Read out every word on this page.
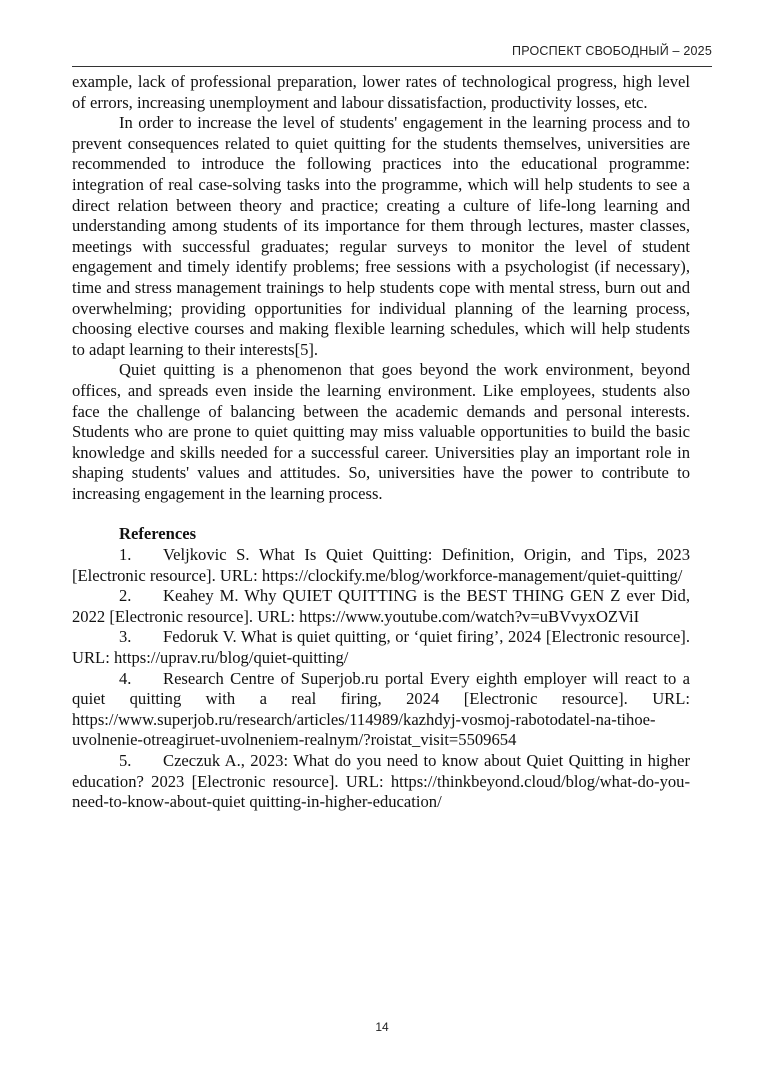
ПРОСПЕКТ СВОБОДНЫЙ – 2025

example, lack of professional preparation, lower rates of technological progress, high level of errors, increasing unemployment and labour dissatisfaction, productivity losses, etc.

In order to increase the level of students' engagement in the learning process and to prevent consequences related to quiet quitting for the students themselves, universities are recommended to introduce the following practices into the educational programme: integration of real case-solving tasks into the programme, which will help students to see a direct relation between theory and practice; creating a culture of life-long learning and understanding among students of its importance for them through lectures, master classes, meetings with successful graduates; regular surveys to monitor the level of student engagement and timely identify problems; free sessions with a psychologist (if necessary), time and stress management trainings to help students cope with mental stress, burn out and overwhelming; providing opportunities for individual planning of the learning process, choosing elective courses and making flexible learning schedules, which will help students to adapt learning to their interests[5].

Quiet quitting is a phenomenon that goes beyond the work environment, beyond offices, and spreads even inside the learning environment. Like employees, students also face the challenge of balancing between the academic demands and personal interests. Students who are prone to quiet quitting may miss valuable opportunities to build the basic knowledge and skills needed for a successful career. Universities play an important role in shaping students' values and attitudes. So, universities have the power to contribute to increasing engagement in the learning process.

References

1. Veljkovic S. What Is Quiet Quitting: Definition, Origin, and Tips, 2023 [Electronic resource]. URL: https://clockify.me/blog/workforce-management/quiet-quitting/

2. Keahey M. Why QUIET QUITTING is the BEST THING GEN Z ever Did, 2022 [Electronic resource]. URL: https://www.youtube.com/watch?v=uBVvyxOZViI

3. Fedoruk V. What is quiet quitting, or ‘quiet firing’, 2024 [Electronic resource]. URL: https://uprav.ru/blog/quiet-quitting/

4. Research Centre of Superjob.ru portal Every eighth employer will react to a quiet quitting with a real firing, 2024 [Electronic resource]. URL: https://www.superjob.ru/research/articles/114989/kazhdyj-vosmoj-rabotodatel-na-tihoe-uvolnenie-otreagiruet-uvolneniem-realnym/?roistat_visit=5509654

5. Czeczuk A., 2023: What do you need to know about Quiet Quitting in higher education? 2023 [Electronic resource]. URL: https://thinkbeyond.cloud/blog/what-do-you-need-to-know-about-quiet quitting-in-higher-education/

14
